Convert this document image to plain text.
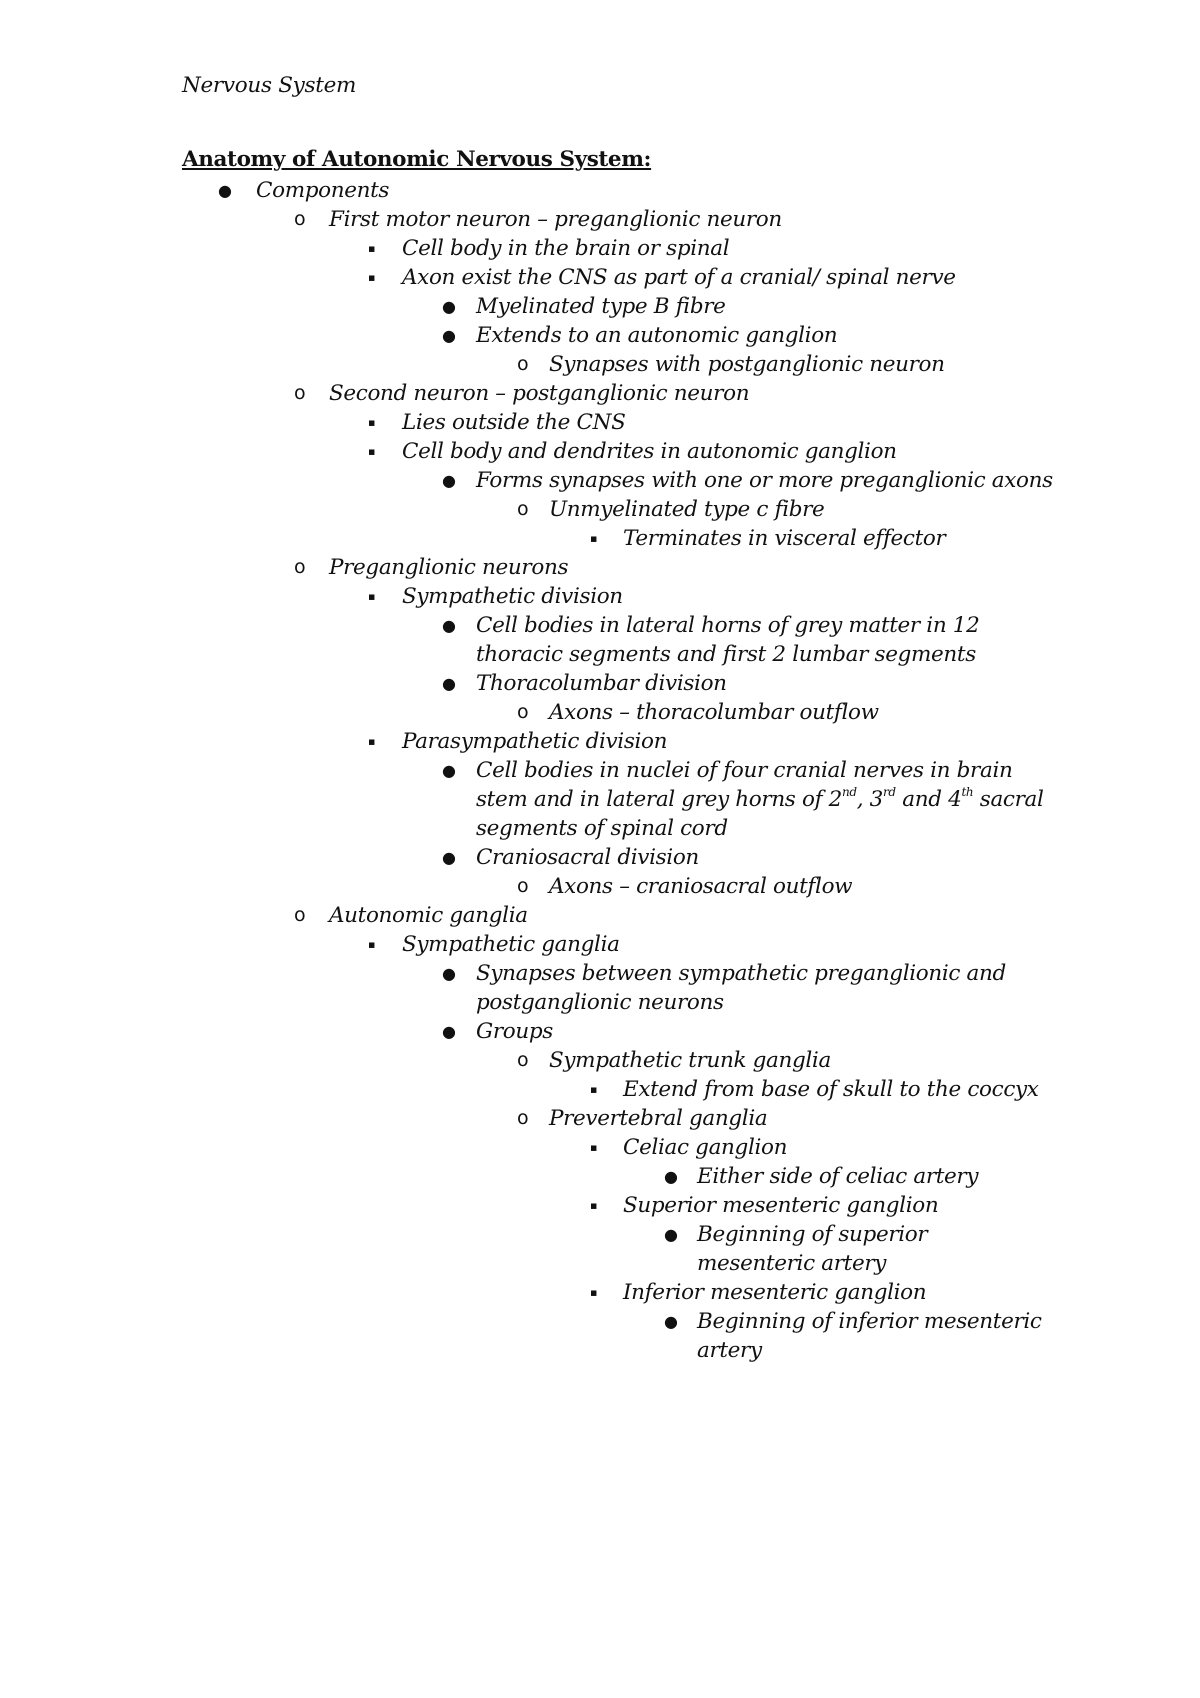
Nervous System
Anatomy of Autonomic Nervous System:
● Components
o First motor neuron – preganglionic neuron
▪ Cell body in the brain or spinal
▪ Axon exist the CNS as part of a cranial/ spinal nerve
● Myelinated type B fibre
● Extends to an autonomic ganglion
o Synapses with postganglionic neuron
o Second neuron – postganglionic neuron
▪ Lies outside the CNS
▪ Cell body and dendrites in autonomic ganglion
● Forms synapses with one or more preganglionic axons
o Unmyelinated type c fibre
▪ Terminates in visceral effector
o Preganglionic neurons
▪ Sympathetic division
● Cell bodies in lateral horns of grey matter in 12
thoracic segments and first 2 lumbar segments
● Thoracolumbar division
o Axons – thoracolumbar outflow
▪ Parasympathetic division
● Cell bodies in nuclei of four cranial nerves in brain
stem and in lateral grey horns of 2nd, 3rd and 4th sacral
segments of spinal cord
● Craniosacral division
o Axons – craniosacral outflow
o Autonomic ganglia
▪ Sympathetic ganglia
● Synapses between sympathetic preganglionic and
postganglionic neurons
● Groups
o Sympathetic trunk ganglia
▪ Extend from base of skull to the coccyx
o Prevertebral ganglia
▪ Celiac ganglion
● Either side of celiac artery
▪ Superior mesenteric ganglion
● Beginning of superior
mesenteric artery
▪ Inferior mesenteric ganglion
● Beginning of inferior mesenteric
artery
